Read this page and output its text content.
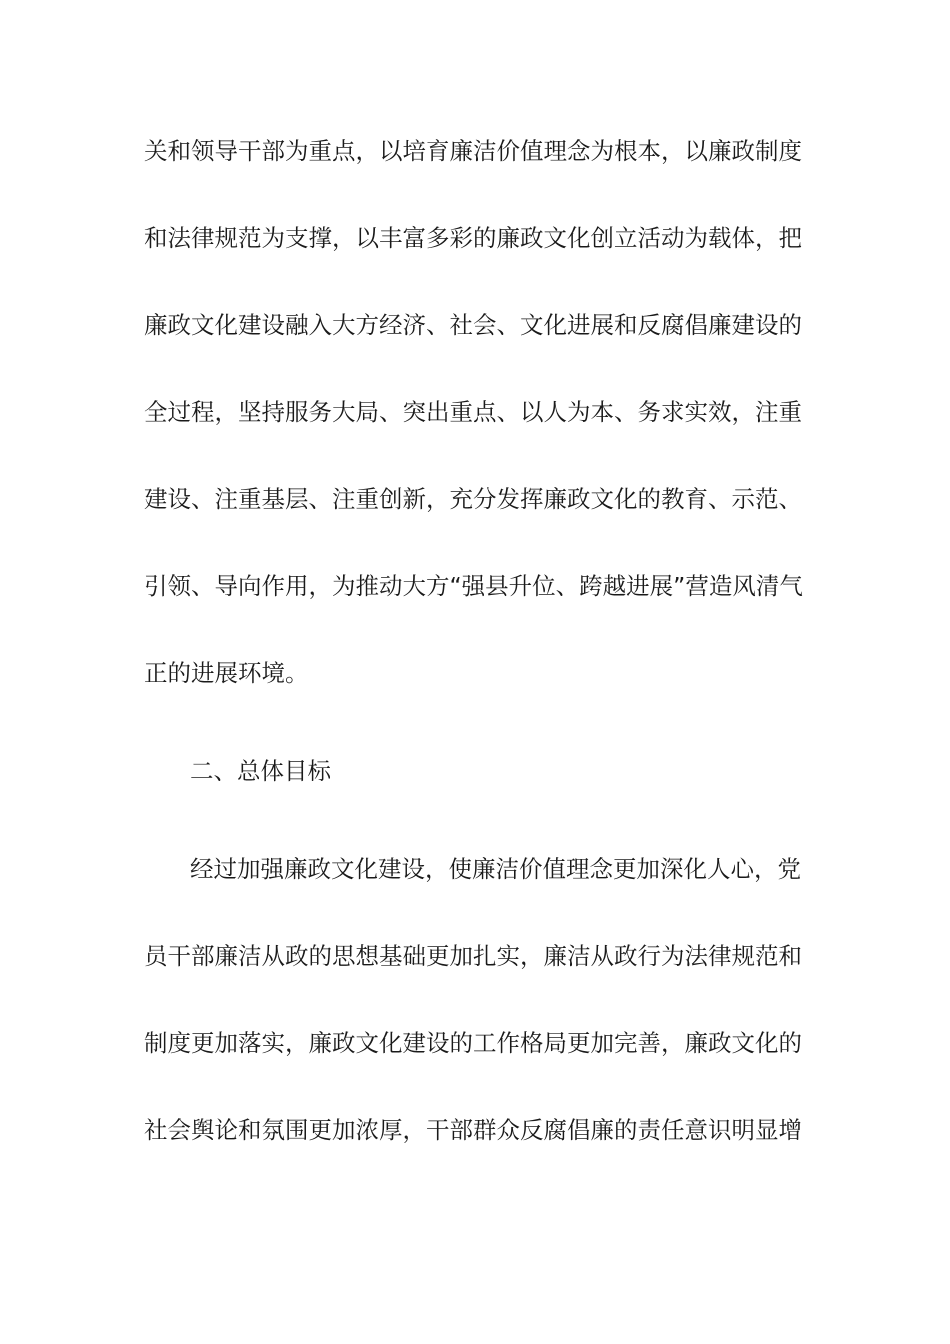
关和领导干部为重点，以培育廉洁价值理念为根本，以廉政制度
和法律规范为支撑，以丰富多彩的廉政文化创立活动为载体，把
廉政文化建设融入大方经济、社会、文化进展和反腐倡廉建设的
全过程，坚持服务大局、突出重点、以人为本、务求实效，注重
建设、注重基层、注重创新，充分发挥廉政文化的教育、示范、
引领、导向作用，为推动大方“强县升位、跨越进展”营造风清气
正的进展环境。
二、总体目标
经过加强廉政文化建设，使廉洁价值理念更加深化人心，党
员干部廉洁从政的思想基础更加扎实，廉洁从政行为法律规范和
制度更加落实，廉政文化建设的工作格局更加完善，廉政文化的
社会舆论和氛围更加浓厚，干部群众反腐倡廉的责任意识明显增
